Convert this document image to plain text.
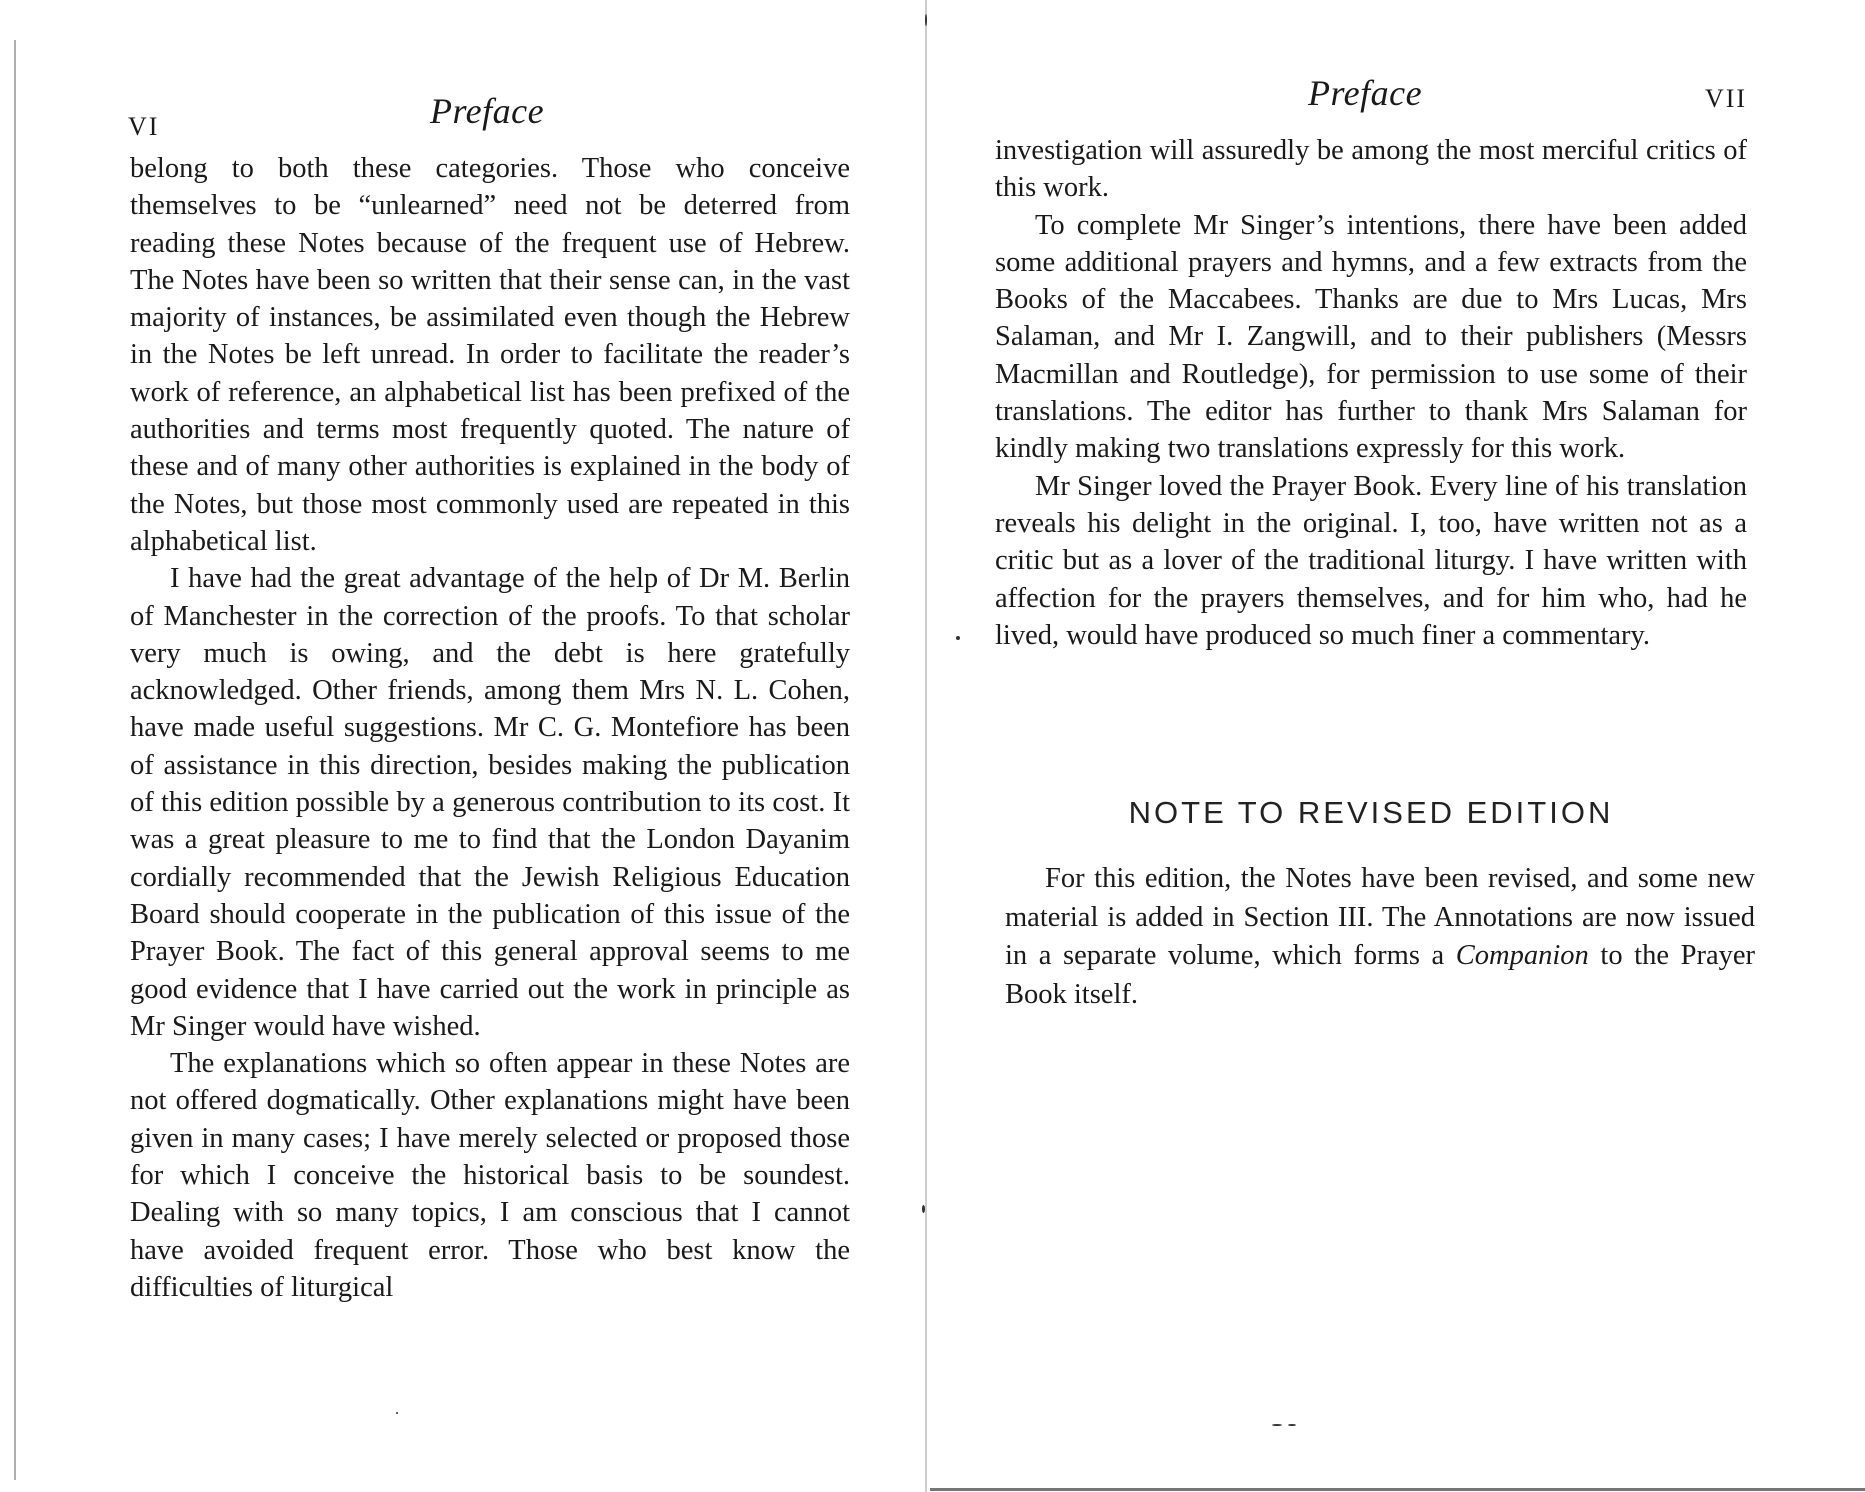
VI	Preface

belong to both these categories. Those who conceive themselves to be “unlearned” need not be deterred from reading these Notes because of the frequent use of Hebrew. The Notes have been so written that their sense can, in the vast majority of instances, be assimilated even though the Hebrew in the Notes be left unread. In order to facilitate the reader’s work of reference, an alphabetical list has been prefixed of the authorities and terms most frequently quoted. The nature of these and of many other authorities is explained in the body of the Notes, but those most commonly used are repeated in this alphabetical list.

I have had the great advantage of the help of Dr M. Berlin of Manchester in the correction of the proofs. To that scholar very much is owing, and the debt is here gratefully acknowledged. Other friends, among them Mrs N. L. Cohen, have made useful suggestions. Mr C. G. Montefiore has been of assistance in this direction, besides making the publication of this edition possible by a generous contribution to its cost. It was a great pleasure to me to find that the London Dayanim cordially recommended that the Jewish Religious Education Board should cooperate in the publication of this issue of the Prayer Book. The fact of this general approval seems to me good evidence that I have carried out the work in principle as Mr Singer would have wished.

The explanations which so often appear in these Notes are not offered dogmatically. Other explanations might have been given in many cases; I have merely selected or proposed those for which I conceive the historical basis to be soundest. Dealing with so many topics, I am conscious that I cannot have avoided frequent error. Those who best know the difficulties of liturgical

Preface	VII

investigation will assuredly be among the most merciful critics of this work.

To complete Mr Singer’s intentions, there have been added some additional prayers and hymns, and a few extracts from the Books of the Maccabees. Thanks are due to Mrs Lucas, Mrs Salaman, and Mr I. Zangwill, and to their publishers (Messrs Macmillan and Routledge), for permission to use some of their translations. The editor has further to thank Mrs Salaman for kindly making two translations expressly for this work.

Mr Singer loved the Prayer Book. Every line of his translation reveals his delight in the original. I, too, have written not as a critic but as a lover of the traditional liturgy. I have written with affection for the prayers themselves, and for him who, had he lived, would have produced so much finer a commentary.

NOTE TO REVISED EDITION

For this edition, the Notes have been revised, and some new material is added in Section III. The Annotations are now issued in a separate volume, which forms a Companion to the Prayer Book itself.
